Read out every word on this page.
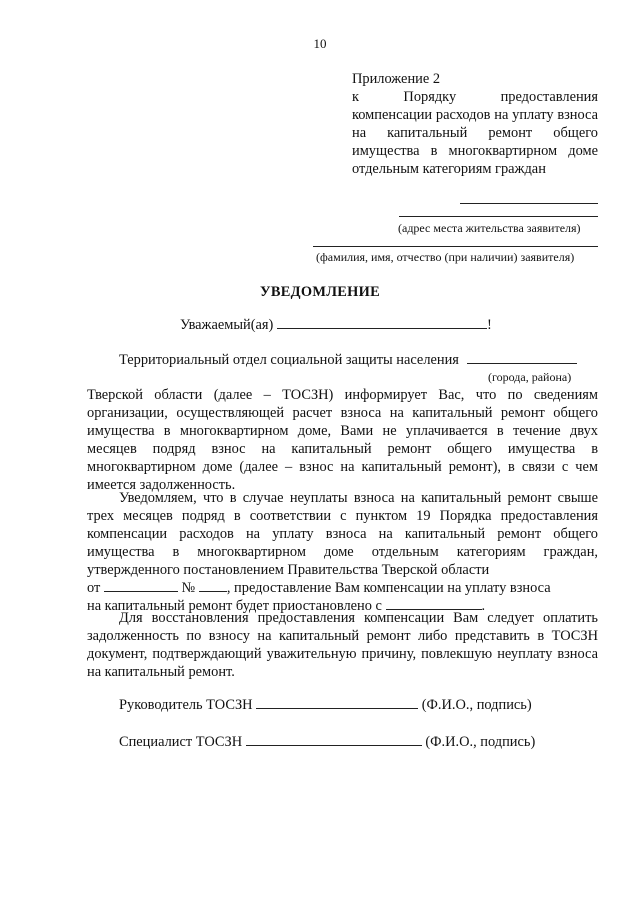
10
Приложение 2
к Порядку предоставления компенсации расходов на уплату взноса на капитальный ремонт общего имущества в многоквартирном доме отдельным категориям граждан
(адрес места жительства заявителя)
(фамилия, имя, отчество (при наличии) заявителя)
УВЕДОМЛЕНИЕ
Уважаемый(ая)	!
Территориальный отдел социальной защиты населения
(города, района)
Тверской области (далее – ТОСЗН) информирует Вас, что по сведениям организации, осуществляющей расчет взноса на капитальный ремонт общего имущества в многоквартирном доме, Вами не уплачивается в течение двух месяцев подряд взнос на капитальный ремонт общего имущества в многоквартирном доме (далее – взнос на капитальный ремонт), в связи с чем имеется задолженность.
Уведомляем, что в случае неуплаты взноса на капитальный ремонт свыше трех месяцев подряд в соответствии с пунктом 19 Порядка предоставления компенсации расходов на уплату взноса на капитальный ремонт общего имущества в многоквартирном доме отдельным категориям граждан, утвержденного постановлением Правительства Тверской области
от	№ , предоставление Вам компенсации на уплату взноса
на капитальный ремонт будет приостановлено с	.
Для восстановления предоставления компенсации Вам следует оплатить задолженность по взносу на капитальный ремонт либо представить в ТОСЗН документ, подтверждающий уважительную причину, повлекшую неуплату взноса на капитальный ремонт.
Руководитель ТОСЗН	(Ф.И.О., подпись)
Специалист ТОСЗН	(Ф.И.О., подпись)
